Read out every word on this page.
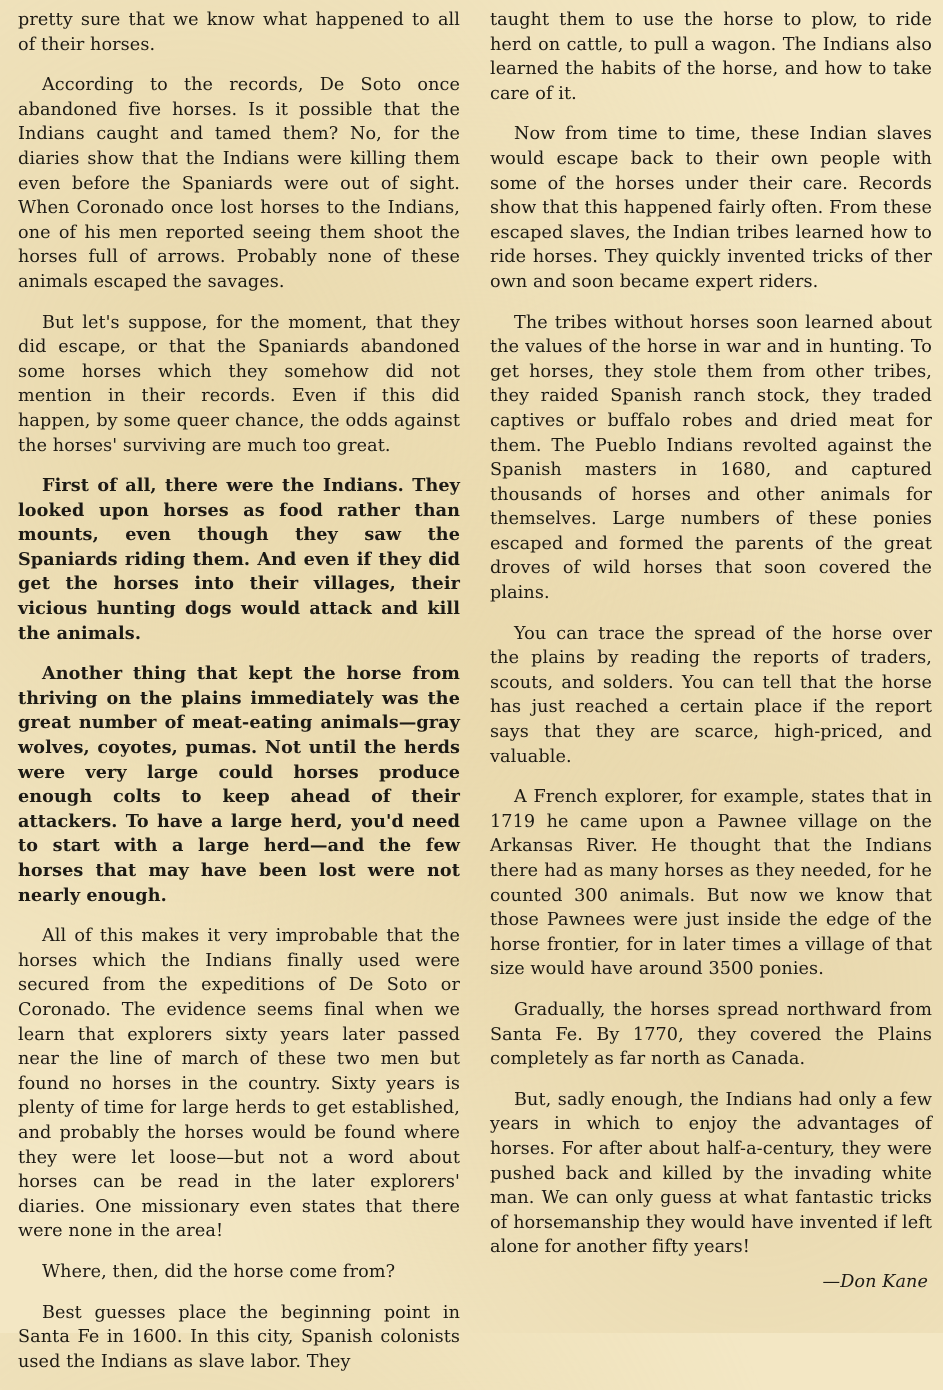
pretty sure that we know what happened to all of their horses.

According to the records, De Soto once abandoned five horses. Is it possible that the Indians caught and tamed them? No, for the diaries show that the Indians were killing them even before the Spaniards were out of sight. When Coronado once lost horses to the Indians, one of his men reported seeing them shoot the horses full of arrows. Probably none of these animals escaped the savages.

But let's suppose, for the moment, that they did escape, or that the Spaniards abandoned some horses which they somehow did not mention in their records. Even if this did happen, by some queer chance, the odds against the horses' surviving are much too great.

First of all, there were the Indians. They looked upon horses as food rather than mounts, even though they saw the Spaniards riding them. And even if they did get the horses into their villages, their vicious hunting dogs would attack and kill the animals.

Another thing that kept the horse from thriving on the plains immediately was the great number of meat-eating animals—gray wolves, coyotes, pumas. Not until the herds were very large could horses produce enough colts to keep ahead of their attackers. To have a large herd, you'd need to start with a large herd—and the few horses that may have been lost were not nearly enough.

All of this makes it very improbable that the horses which the Indians finally used were secured from the expeditions of De Soto or Coronado. The evidence seems final when we learn that explorers sixty years later passed near the line of march of these two men but found no horses in the country. Sixty years is plenty of time for large herds to get established, and probably the horses would be found where they were let loose—but not a word about horses can be read in the later explorers' diaries. One missionary even states that there were none in the area!

Where, then, did the horse come from?

Best guesses place the beginning point in Santa Fe in 1600. In this city, Spanish colonists used the Indians as slave labor. They

taught them to use the horse to plow, to ride herd on cattle, to pull a wagon. The Indians also learned the habits of the horse, and how to take care of it.

Now from time to time, these Indian slaves would escape back to their own people with some of the horses under their care. Records show that this happened fairly often. From these escaped slaves, the Indian tribes learned how to ride horses. They quickly invented tricks of ther own and soon became expert riders.

The tribes without horses soon learned about the values of the horse in war and in hunting. To get horses, they stole them from other tribes, they raided Spanish ranch stock, they traded captives or buffalo robes and dried meat for them. The Pueblo Indians revolted against the Spanish masters in 1680, and captured thousands of horses and other animals for themselves. Large numbers of these ponies escaped and formed the parents of the great droves of wild horses that soon covered the plains.

You can trace the spread of the horse over the plains by reading the reports of traders, scouts, and solders. You can tell that the horse has just reached a certain place if the report says that they are scarce, high-priced, and valuable.

A French explorer, for example, states that in 1719 he came upon a Pawnee village on the Arkansas River. He thought that the Indians there had as many horses as they needed, for he counted 300 animals. But now we know that those Pawnees were just inside the edge of the horse frontier, for in later times a village of that size would have around 3500 ponies.

Gradually, the horses spread northward from Santa Fe. By 1770, they covered the Plains completely as far north as Canada.

But, sadly enough, the Indians had only a few years in which to enjoy the advantages of horses. For after about half-a-century, they were pushed back and killed by the invading white man. We can only guess at what fantastic tricks of horsemanship they would have invented if left alone for another fifty years!

—Don Kane
